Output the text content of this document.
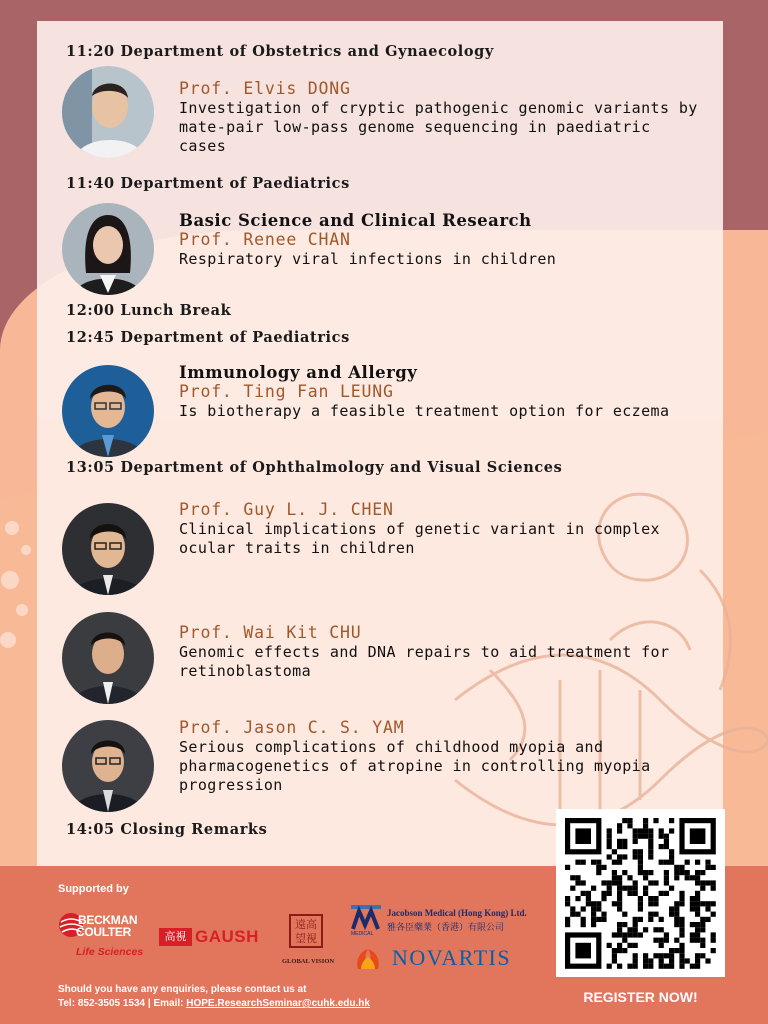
11:20 Department of Obstetrics and Gynaecology
11:40 Department of Paediatrics
12:00 Lunch Break
12:45 Department of Paediatrics
13:05 Department of Ophthalmology and Visual Sciences
14:05 Closing Remarks
Prof. Elvis DONG
Investigation of cryptic pathogenic genomic variants by mate-pair low-pass genome sequencing in paediatric cases
Basic Science and Clinical Research
Prof. Renee CHAN
Respiratory viral infections in children
Immunology and Allergy
Prof. Ting Fan LEUNG
Is biotherapy a feasible treatment option for eczema
Prof. Guy L. J. CHEN
Clinical implications of genetic variant in complex ocular traits in children
Prof. Wai Kit CHU
Genomic effects and DNA repairs to aid treatment for retinoblastoma
Prof. Jason C. S. YAM
Serious complications of childhood myopia and pharmacogenetics of atropine in controlling myopia progression
Supported by
BECKMAN
COULTER
Life Sciences
高視 GAUSH
遠高 望視
GLOBAL VISION
MEDICAL
Jacobson Medical (Hong Kong) Ltd.
雅各臣藥業（香港）有限公司
NOVARTIS
Should you have any enquiries, please contact us at
Tel: 852-3505 1534 | Email: HOPE.ResearchSeminar@cuhk.edu.hk	REGISTER NOW!
